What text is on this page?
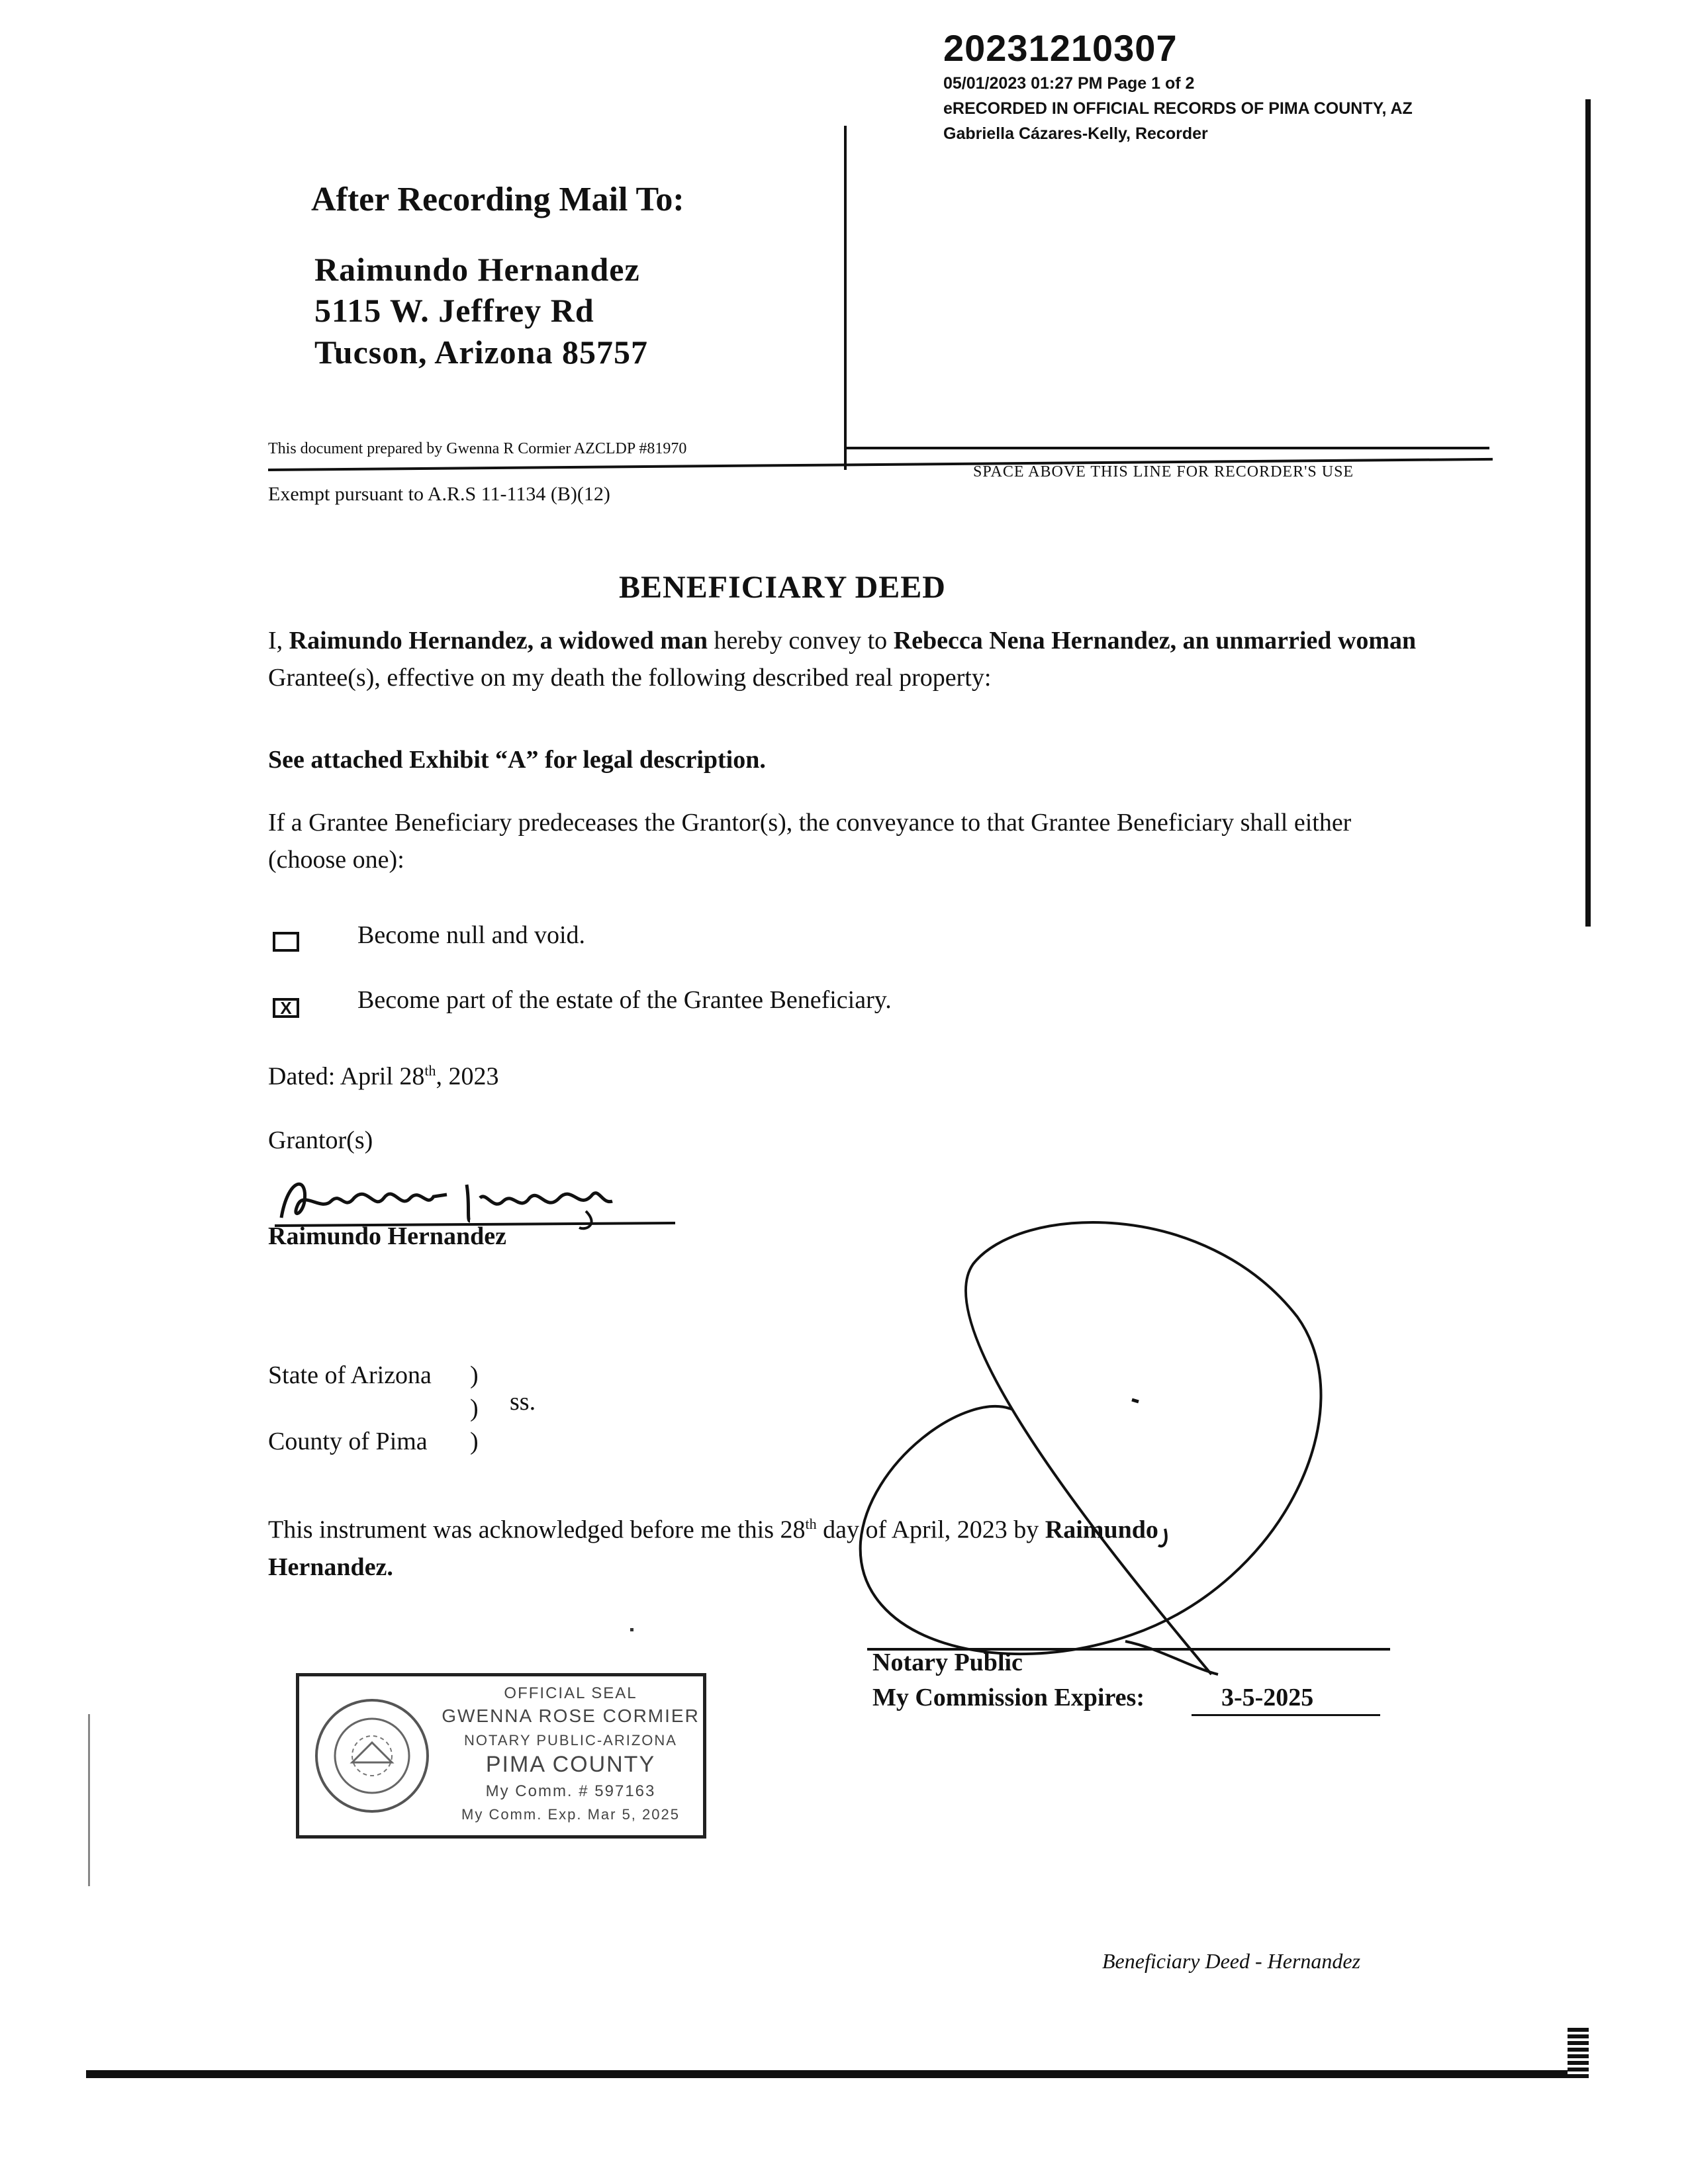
20231210307
05/01/2023 01:27 PM Page 1 of 2
eRECORDED IN OFFICIAL RECORDS OF PIMA COUNTY, AZ
Gabriella Cázares-Kelly, Recorder
After Recording Mail To:
Raimundo Hernandez
5115 W. Jeffrey Rd
Tucson, Arizona 85757
This document prepared by Gwenna R Cormier AZCLDP #81970
Exempt pursuant to A.R.S 11-1134 (B)(12)
SPACE ABOVE THIS LINE FOR RECORDER'S USE
BENEFICIARY DEED
I, Raimundo Hernandez, a widowed man hereby convey to Rebecca Nena Hernandez, an unmarried woman Grantee(s), effective on my death the following described real property:
See attached Exhibit “A” for legal description.
If a Grantee Beneficiary predeceases the Grantor(s), the conveyance to that Grantee Beneficiary shall either (choose one):
Become null and void.
X	Become part of the estate of the Grantee Beneficiary.
Dated: April 28th, 2023
Grantor(s)
Raimundo Hernandez
State of Arizona	)
)	ss.
County of Pima	)
This instrument was acknowledged before me this 28th day of April, 2023 by Raimundo
Hernandez.
Notary Public
My Commission Expires:	3-5-2025
OFFICIAL SEAL
GWENNA ROSE CORMIER
NOTARY PUBLIC-ARIZONA
PIMA COUNTY
My Comm. # 597163
My Comm. Exp. Mar 5, 2025
Beneficiary Deed - Hernandez
